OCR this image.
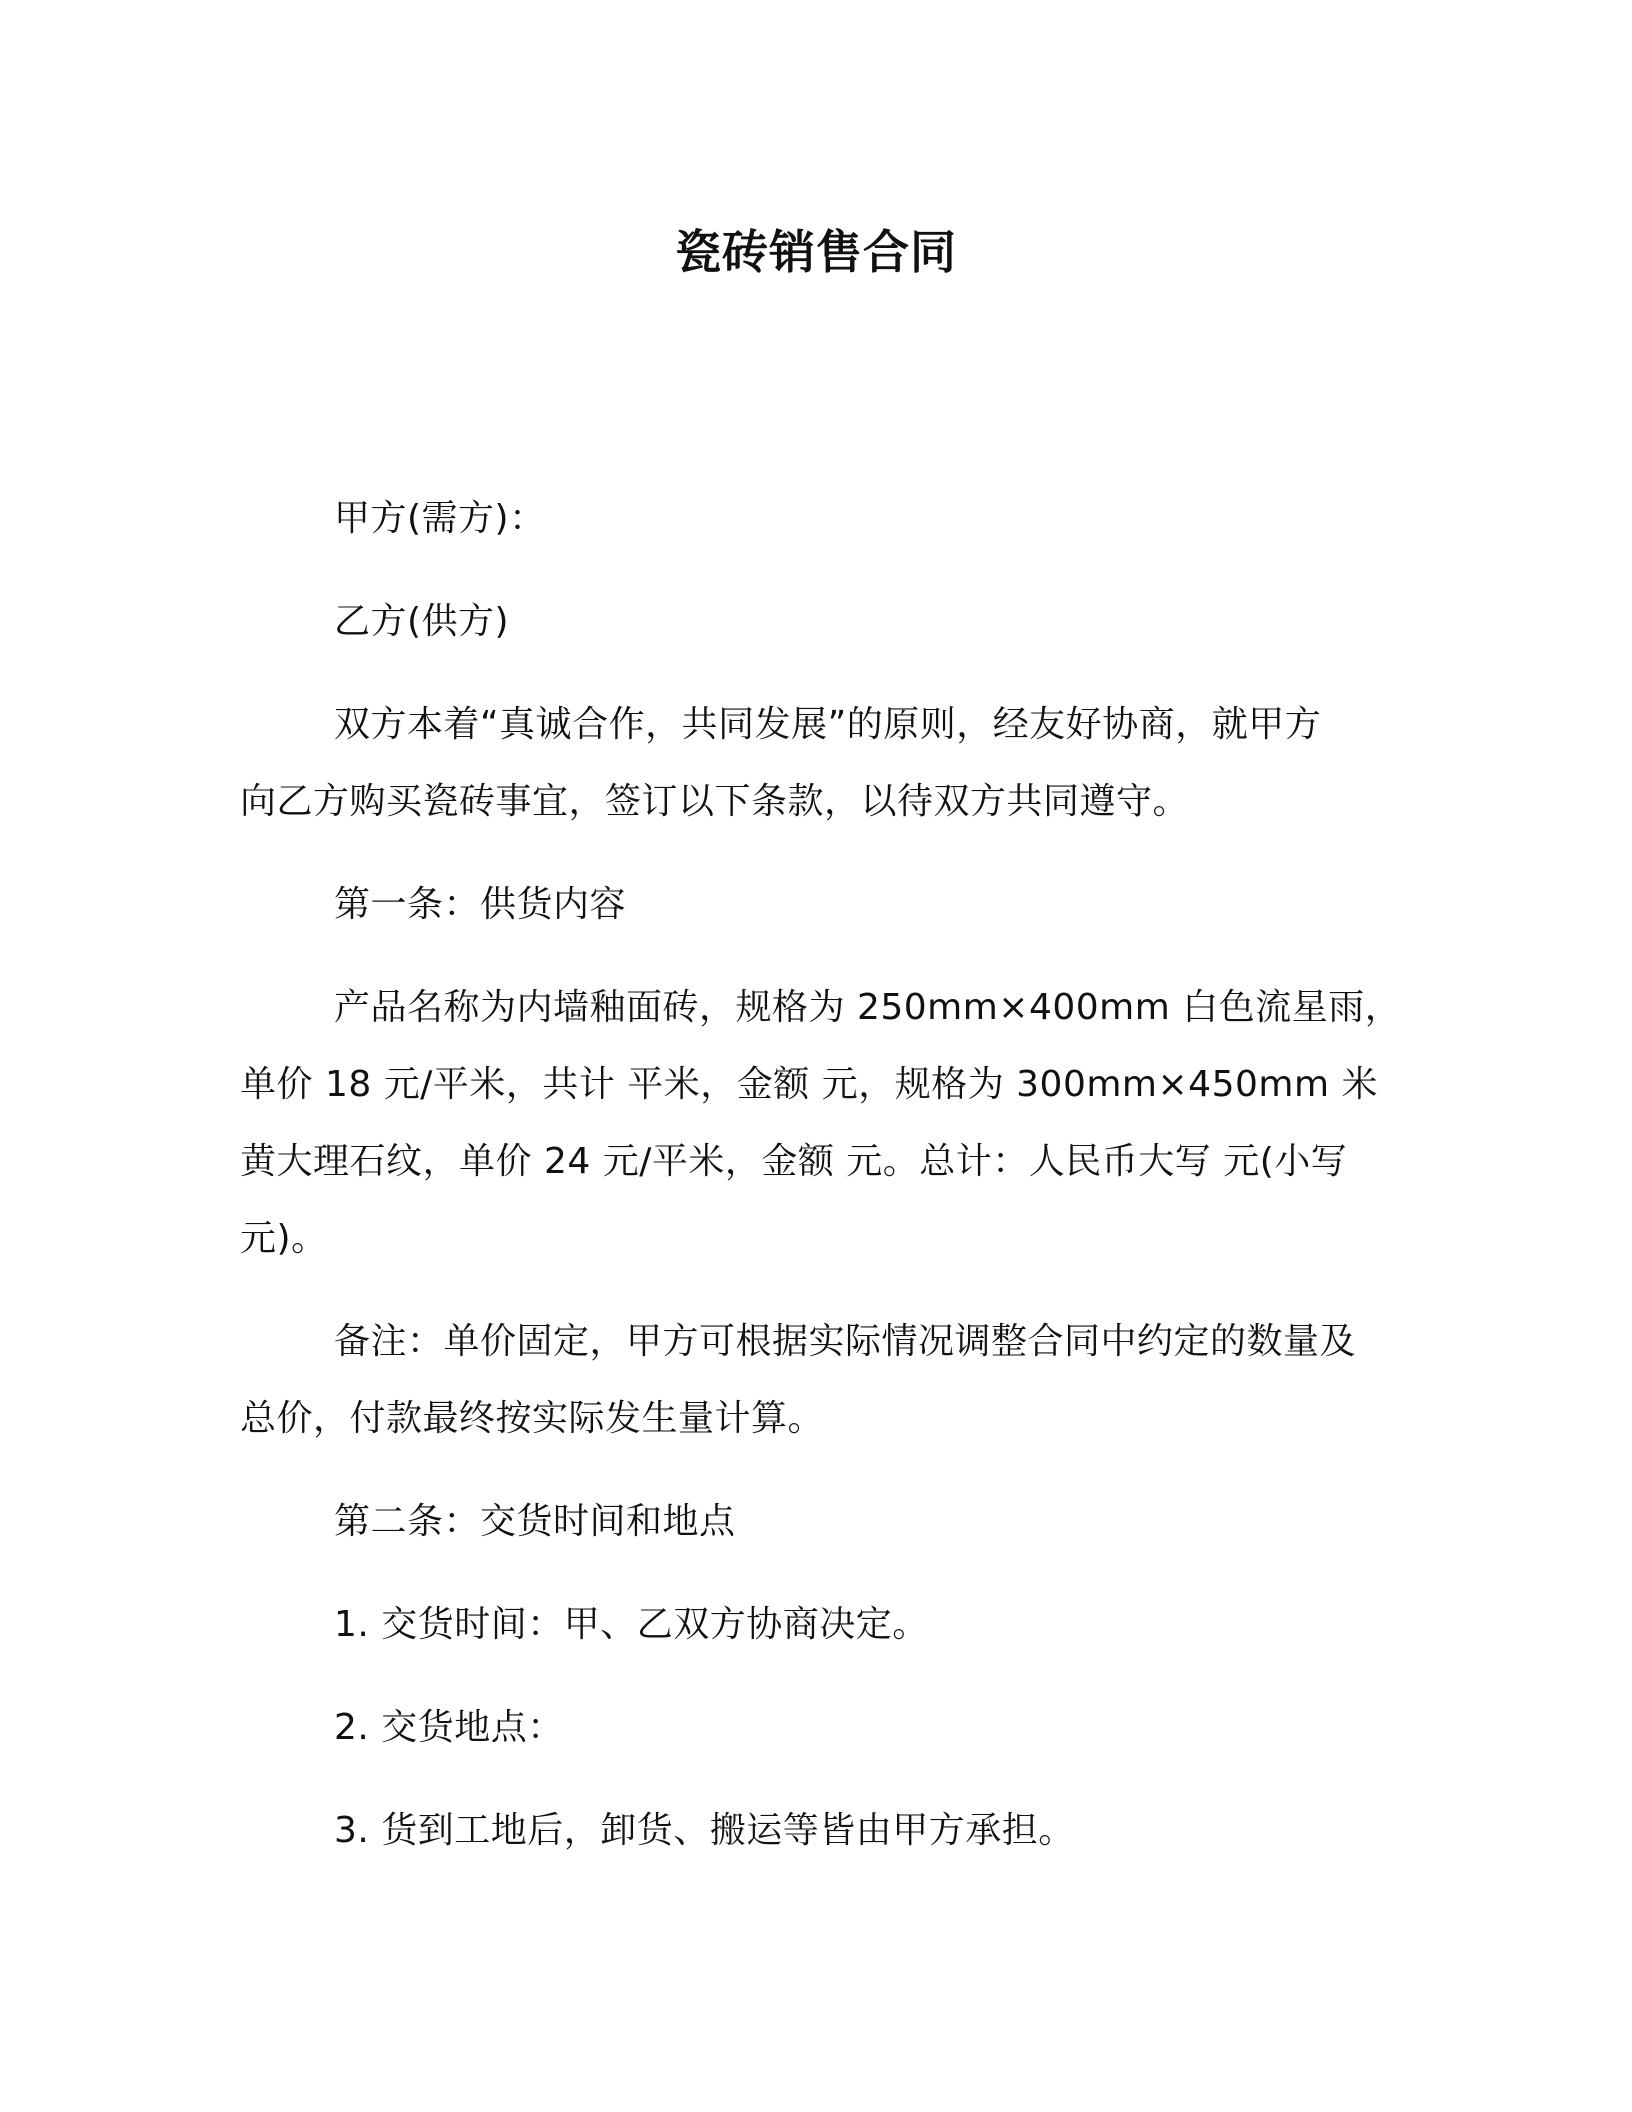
瓷砖销售合同
甲方(需方)：
乙方(供方)
双方本着“真诚合作，共同发展”的原则，经友好协商，就甲方
向乙方购买瓷砖事宜，签订以下条款，以待双方共同遵守。
第一条：供货内容
产品名称为内墙釉面砖，规格为 250mm×400mm 白色流星雨，
单价 18 元/平米，共计 平米，金额 元，规格为 300mm×450mm 米
黄大理石纹，单价 24 元/平米，金额 元。总计：人民币大写 元(小写
元)。
备注：单价固定，甲方可根据实际情况调整合同中约定的数量及
总价，付款最终按实际发生量计算。
第二条：交货时间和地点
1. 交货时间：甲、乙双方协商决定。
2. 交货地点：
3. 货到工地后，卸货、搬运等皆由甲方承担。
